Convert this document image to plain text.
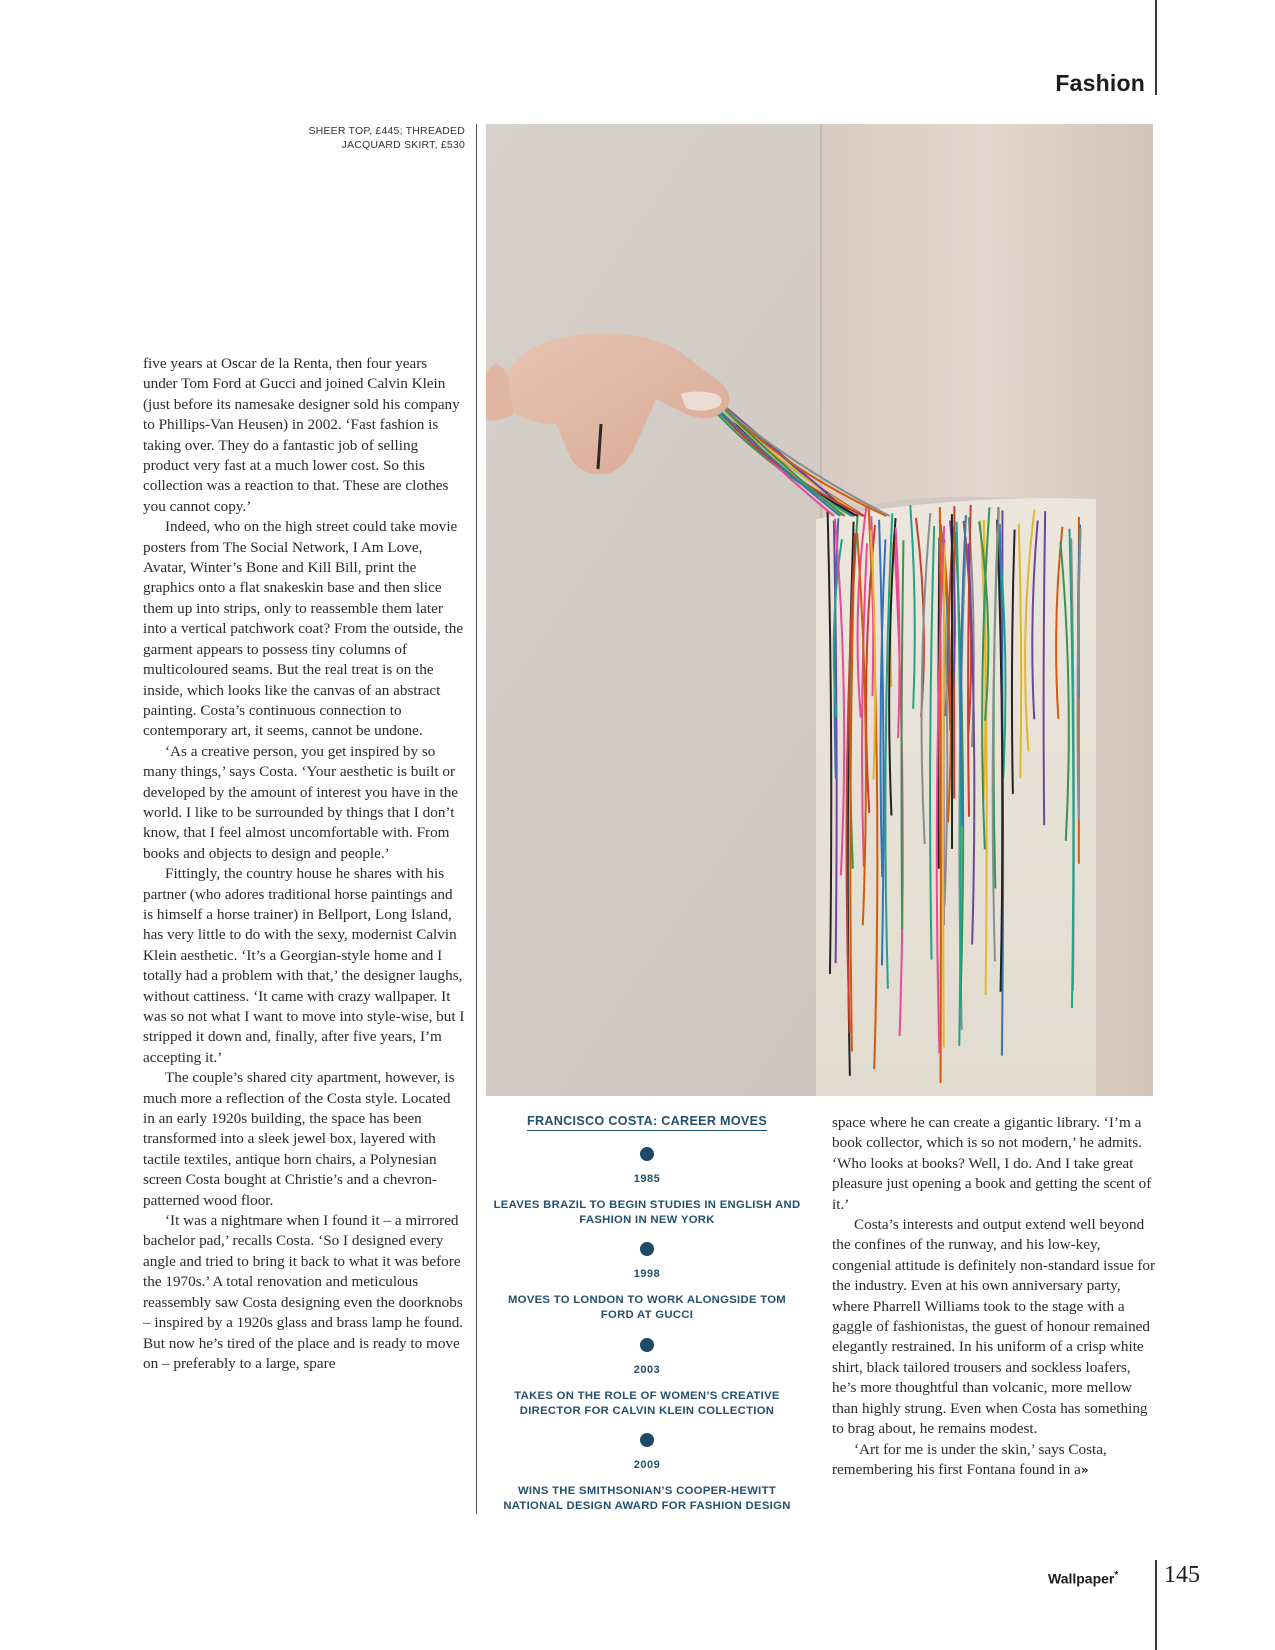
Fashion
SHEER TOP, £445; THREADED
JACQUARD SKIRT, £530

five years at Oscar de la Renta, then four years under Tom Ford at Gucci and joined Calvin Klein (just before its namesake designer sold his company to Phillips-Van Heusen) in 2002. ‘Fast fashion is taking over. They do a fantastic job of selling product very fast at a much lower cost. So this collection was a reaction to that. These are clothes you cannot copy.’

Indeed, who on the high street could take movie posters from The Social Network, I Am Love, Avatar, Winter’s Bone and Kill Bill, print the graphics onto a flat snakeskin base and then slice them up into strips, only to reassemble them later into a vertical patchwork coat? From the outside, the garment appears to possess tiny columns of multicoloured seams. But the real treat is on the inside, which looks like the canvas of an abstract painting. Costa’s continuous connection to contemporary art, it seems, cannot be undone.

‘As a creative person, you get inspired by so many things,’ says Costa. ‘Your aesthetic is built or developed by the amount of interest you have in the world. I like to be surrounded by things that I don’t know, that I feel almost uncomfortable with. From books and objects to design and people.’

Fittingly, the country house he shares with his partner (who adores traditional horse paintings and is himself a horse trainer) in Bellport, Long Island, has very little to do with the sexy, modernist Calvin Klein aesthetic. ‘It’s a Georgian-style home and I totally had a problem with that,’ the designer laughs, without cattiness. ‘It came with crazy wallpaper. It was so not what I want to move into style-wise, but I stripped it down and, finally, after five years, I’m accepting it.’

The couple’s shared city apartment, however, is much more a reflection of the Costa style. Located in an early 1920s building, the space has been transformed into a sleek jewel box, layered with tactile textiles, antique horn chairs, a Polynesian screen Costa bought at Christie’s and a chevron-patterned wood floor.

‘It was a nightmare when I found it – a mirrored bachelor pad,’ recalls Costa. ‘So I designed every angle and tried to bring it back to what it was before the 1970s.’ A total renovation and meticulous reassembly saw Costa designing even the doorknobs – inspired by a 1920s glass and brass lamp he found. But now he’s tired of the place and is ready to move on – preferably to a large, spare

FRANCISCO COSTA: CAREER MOVES
1985
LEAVES BRAZIL TO BEGIN STUDIES IN ENGLISH AND FASHION IN NEW YORK
1998
MOVES TO LONDON TO WORK ALONGSIDE TOM FORD AT GUCCI
2003
TAKES ON THE ROLE OF WOMEN’S CREATIVE DIRECTOR FOR CALVIN KLEIN COLLECTION
2009
WINS THE SMITHSONIAN’S COOPER-HEWITT NATIONAL DESIGN AWARD FOR FASHION DESIGN

space where he can create a gigantic library. ‘I’m a book collector, which is so not modern,’ he admits. ‘Who looks at books? Well, I do. And I take great pleasure just opening a book and getting the scent of it.’

Costa’s interests and output extend well beyond the confines of the runway, and his low-key, congenial attitude is definitely non-standard issue for the industry. Even at his own anniversary party, where Pharrell Williams took to the stage with a gaggle of fashionistas, the guest of honour remained elegantly restrained. In his uniform of a crisp white shirt, black tailored trousers and sockless loafers, he’s more thoughtful than volcanic, more mellow than highly strung. Even when Costa has something to brag about, he remains modest.

‘Art for me is under the skin,’ says Costa, remembering his first Fontana found in a»

Wallpaper* 145
